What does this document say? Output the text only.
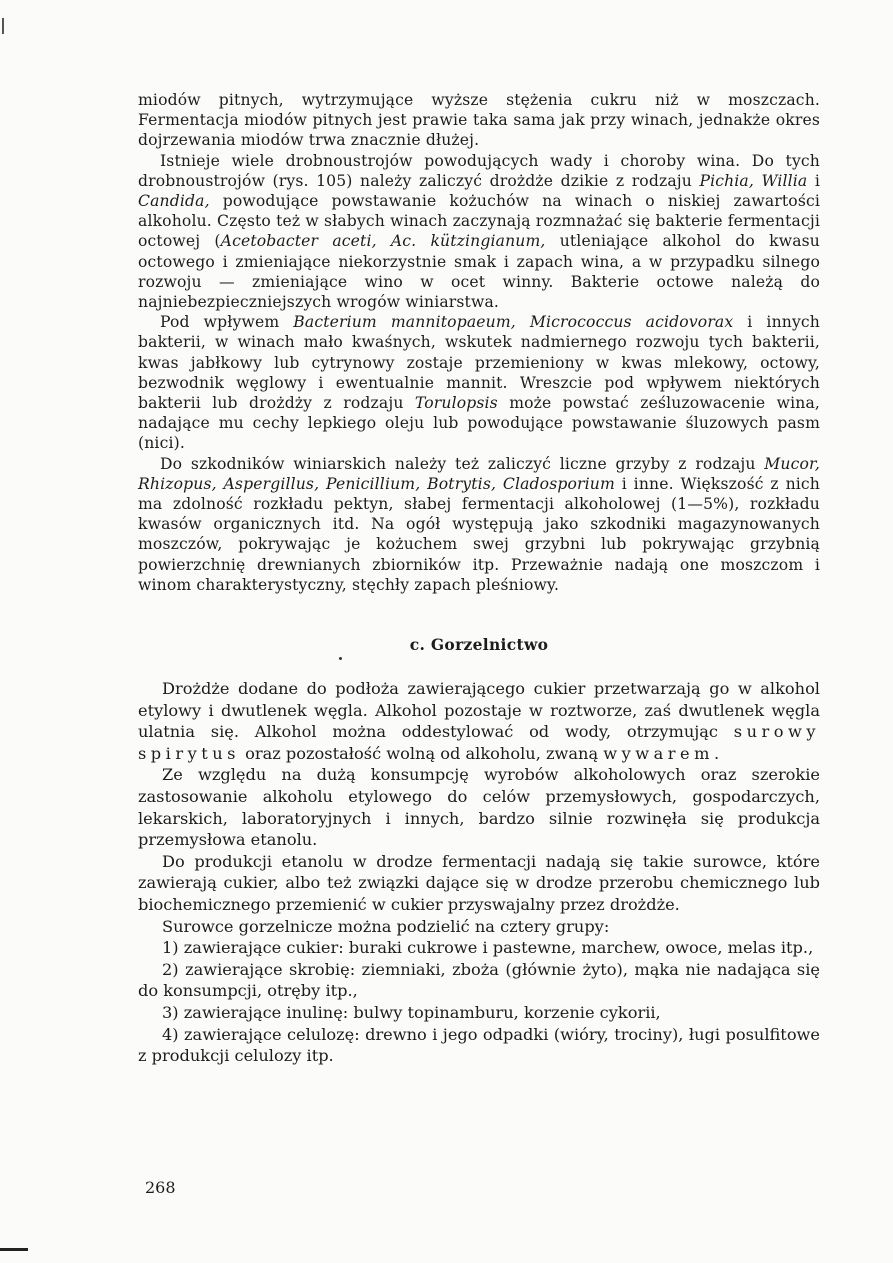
miodów pitnych, wytrzymujące wyższe stężenia cukru niż w moszczach. Fermentacja miodów pitnych jest prawie taka sama jak przy winach, jednakże okres dojrzewania miodów trwa znacznie dłużej.

Istnieje wiele drobnoustrojów powodujących wady i choroby wina. Do tych drobnoustrojów (rys. 105) należy zaliczyć drożdże dzikie z rodzaju Pichia, Willia i Candida, powodujące powstawanie kożuchów na winach o niskiej zawartości alkoholu. Często też w słabych winach zaczynają rozmnażać się bakterie fermentacji octowej (Acetobacter aceti, Ac. kützingianum, utleniające alkohol do kwasu octowego i zmieniające niekorzystnie smak i zapach wina, a w przypadku silnego rozwoju — zmieniające wino w ocet winny. Bakterie octowe należą do najniebezpieczniejszych wrogów winiarstwa.

Pod wpływem Bacterium mannitopaeum, Micrococcus acidovorax i innych bakterii, w winach mało kwaśnych, wskutek nadmiernego rozwoju tych bakterii, kwas jabłkowy lub cytrynowy zostaje przemieniony w kwas mlekowy, octowy, bezwodnik węglowy i ewentualnie mannit. Wreszcie pod wpływem niektórych bakterii lub drożdży z rodzaju Torulopsis może powstać ześluzowacenie wina, nadające mu cechy lepkiego oleju lub powodujące powstawanie śluzowych pasm (nici).

Do szkodników winiarskich należy też zaliczyć liczne grzyby z rodzaju Mucor, Rhizopus, Aspergillus, Penicillium, Botrytis, Cladosporium i inne. Większość z nich ma zdolność rozkładu pektyn, słabej fermentacji alkoholowej (1—5%), rozkładu kwasów organicznych itd. Na ogół występują jako szkodniki magazynowanych moszczów, pokrywając je kożuchem swej grzybni lub pokrywając grzybnią powierzchnię drewnianych zbiorników itp. Przeważnie nadają one moszczom i winom charakterystyczny, stęchły zapach pleśniowy.

c. Gorzelnictwo

Drożdże dodane do podłoża zawierającego cukier przetwarzają go w alkohol etylowy i dwutlenek węgla. Alkohol pozostaje w roztworze, zaś dwutlenek węgla ulatnia się. Alkohol można oddestylować od wody, otrzymując surowy spirytus oraz pozostałość wolną od alkoholu, zwaną wywarem.

Ze względu na dużą konsumpcję wyrobów alkoholowych oraz szerokie zastosowanie alkoholu etylowego do celów przemysłowych, gospodarczych, lekarskich, laboratoryjnych i innych, bardzo silnie rozwinęła się produkcja przemysłowa etanolu.

Do produkcji etanolu w drodze fermentacji nadają się takie surowce, które zawierają cukier, albo też związki dające się w drodze przerobu chemicznego lub biochemicznego przemienić w cukier przyswajalny przez drożdże.

Surowce gorzelnicze można podzielić na cztery grupy:

1) zawierające cukier: buraki cukrowe i pastewne, marchew, owoce, melas itp.,

2) zawierające skrobię: ziemniaki, zboża (głównie żyto), mąka nie nadająca się do konsumpcji, otręby itp.,

3) zawierające inulinę: bulwy topinamburu, korzenie cykorii,

4) zawierające celulozę: drewno i jego odpadki (wióry, trociny), ługi posulfitowe z produkcji celulozy itp.

268
